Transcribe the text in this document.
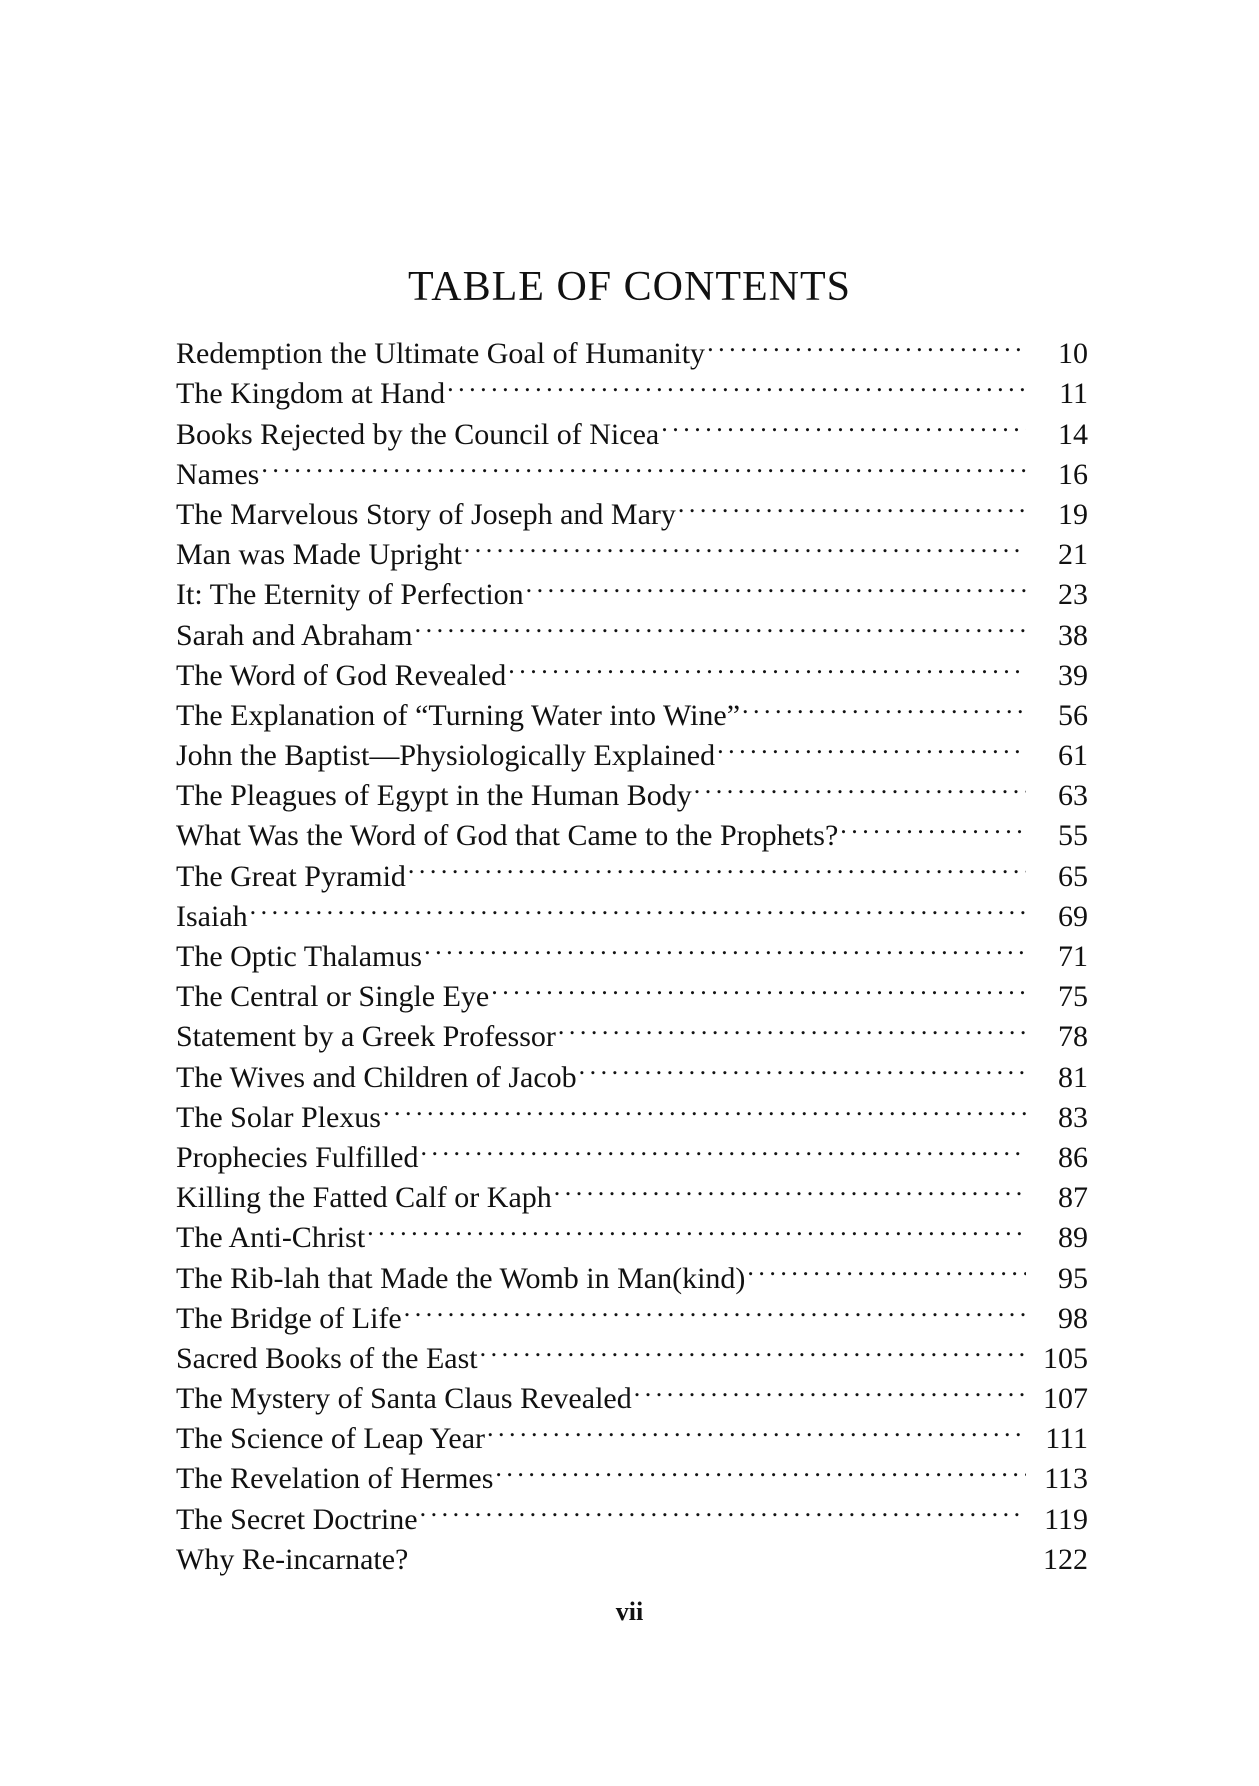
TABLE OF CONTENTS
Redemption the Ultimate Goal of Humanity . . .	10
The Kingdom at Hand . . .	11
Books Rejected by the Council of Nicea . . .	14
Names . . .	16
The Marvelous Story of Joseph and Mary . . .	19
Man was Made Upright . . .	21
It: The Eternity of Perfection . . .	23
Sarah and Abraham . . .	38
The Word of God Revealed . . .	39
The Explanation of “Turning Water into Wine” . . .	56
John the Baptist—Physiologically Explained . . .	61
The Pleagues of Egypt in the Human Body . . .	63
What Was the Word of God that Came to the Prophets? . . .	55
The Great Pyramid . . .	65
Isaiah . . .	69
The Optic Thalamus . . .	71
The Central or Single Eye . . .	75
Statement by a Greek Professor . . .	78
The Wives and Children of Jacob . . .	81
The Solar Plexus . . .	83
Prophecies Fulfilled . . .	86
Killing the Fatted Calf or Kaph . . .	87
The Anti-Christ . . .	89
The Rib-lah that Made the Womb in Man(kind) . . .	95
The Bridge of Life . . .	98
Sacred Books of the East . . .	105
The Mystery of Santa Claus Revealed . . .	107
The Science of Leap Year . . .	111
The Revelation of Hermes . . .	113
The Secret Doctrine . . .	119
Why Re-incarnate?	122
vii
